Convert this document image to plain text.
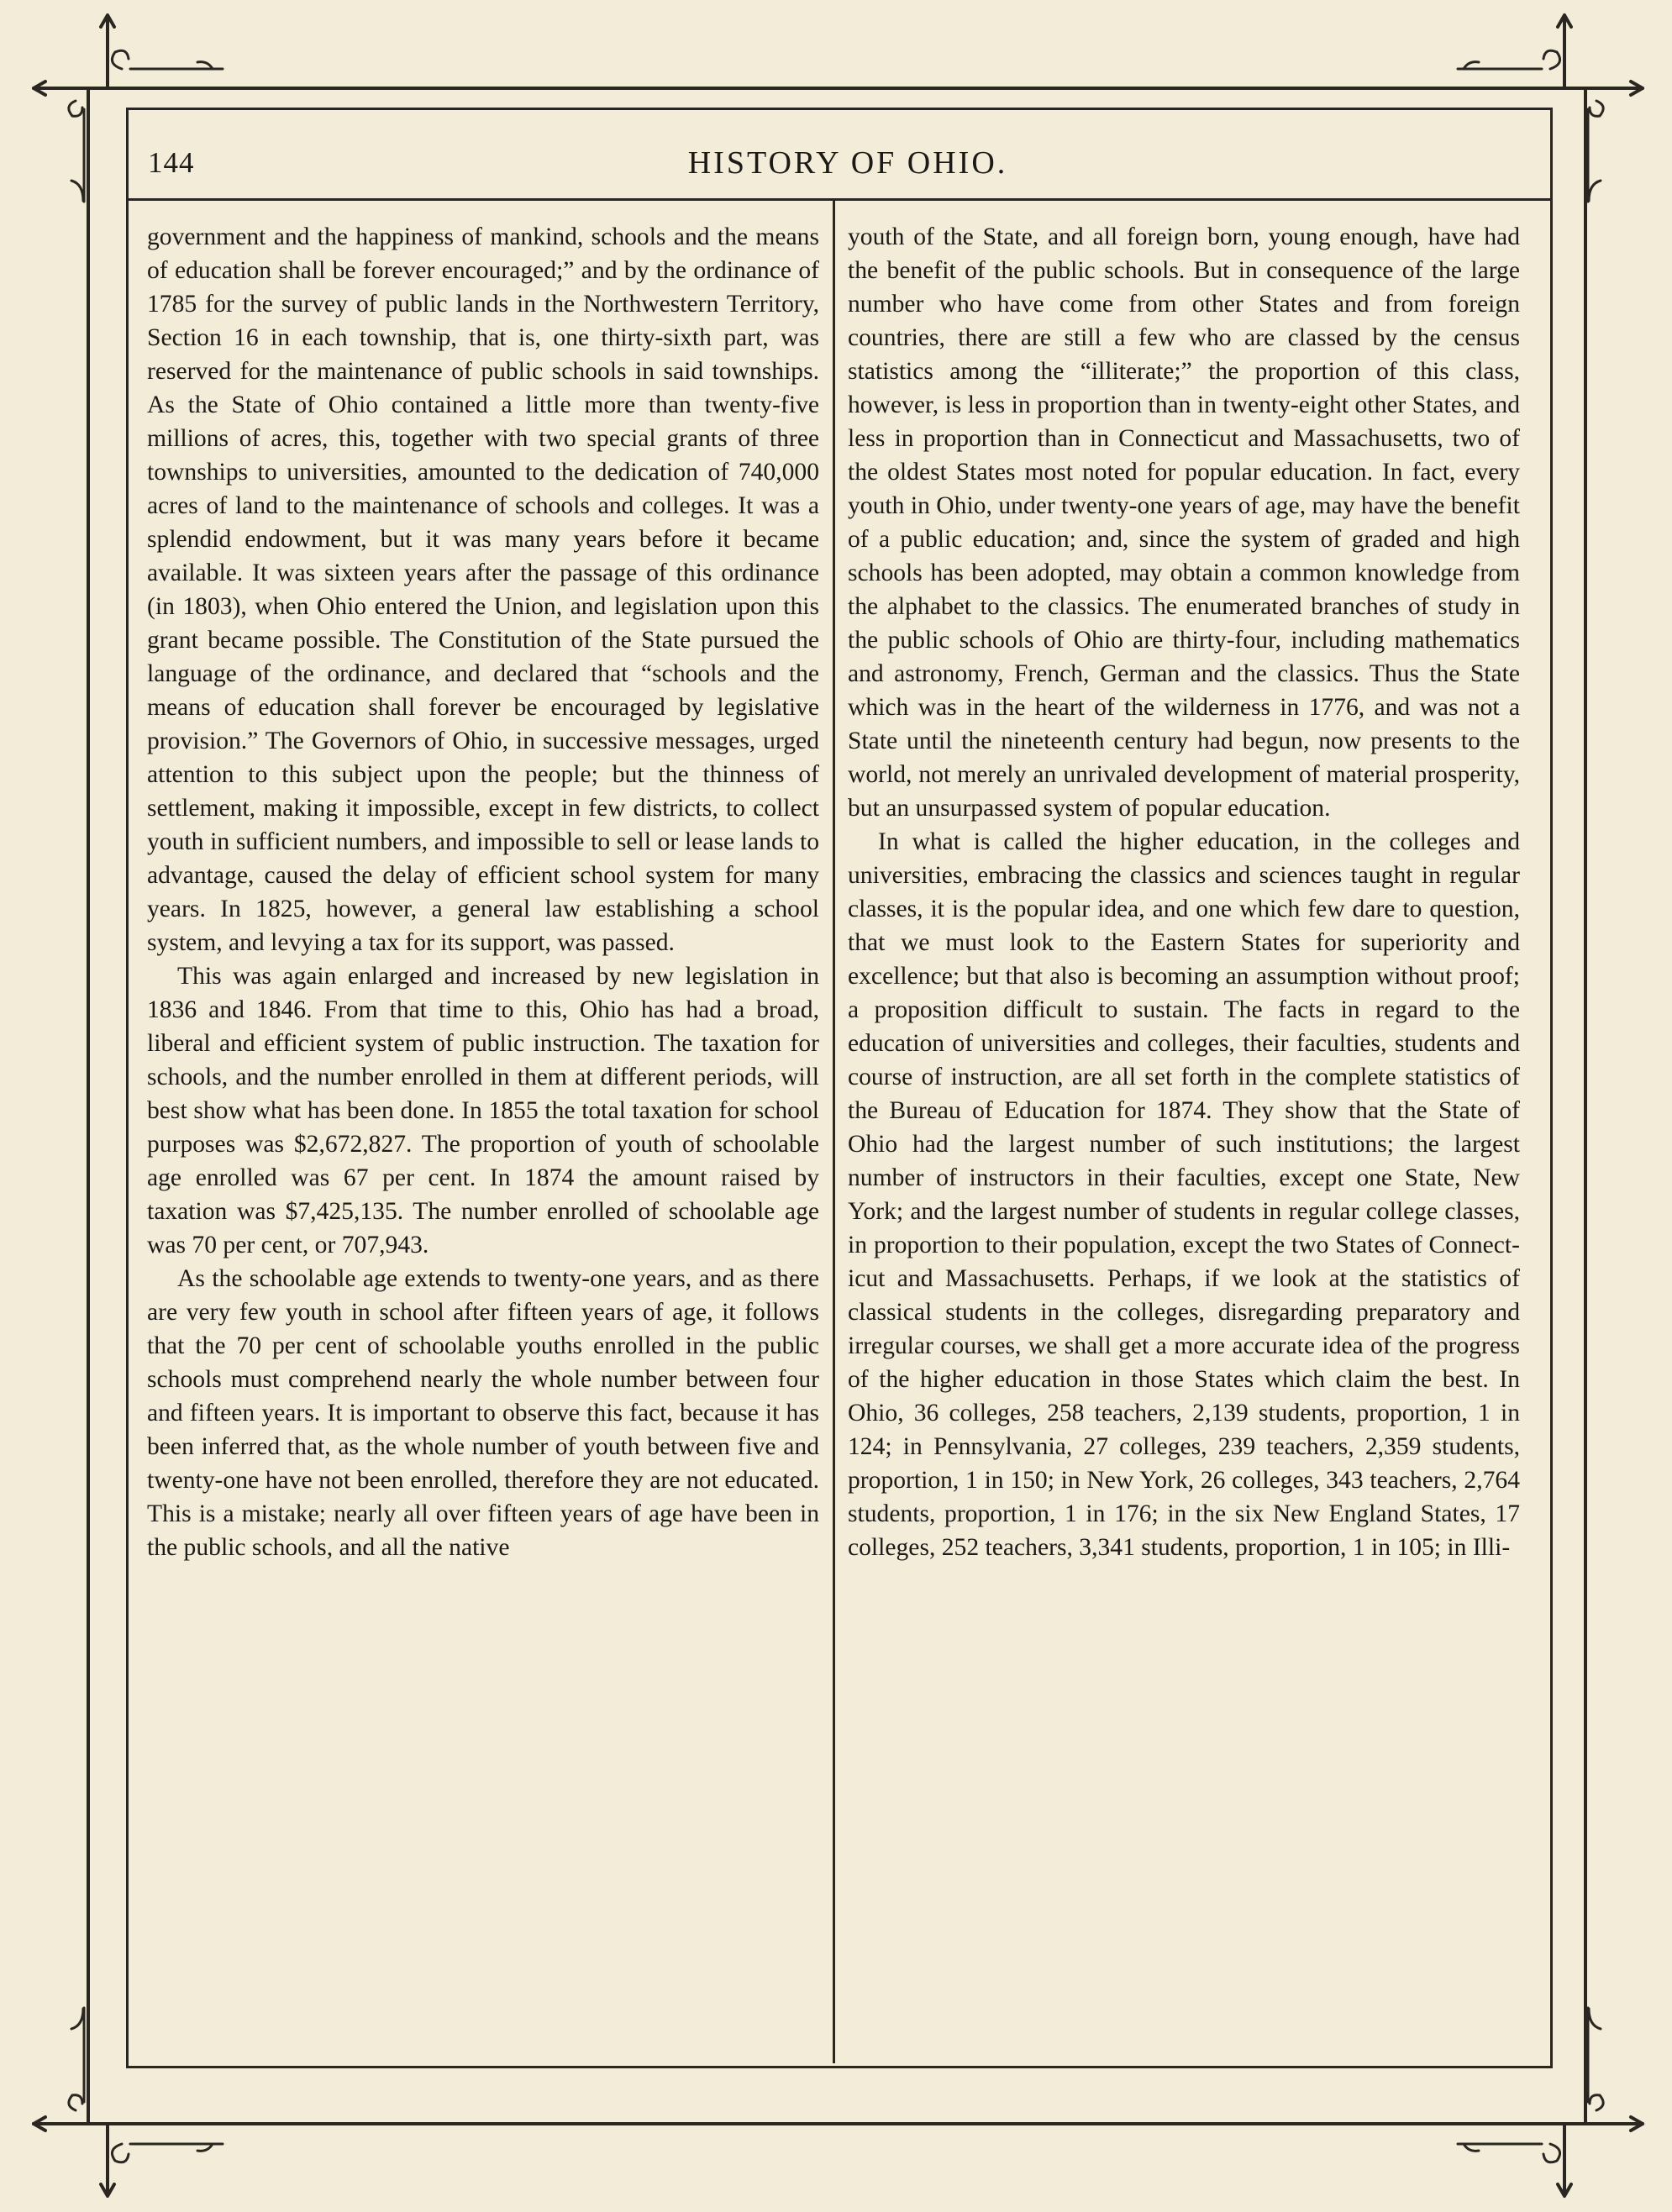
144	HISTORY OF OHIO.

government and the happiness of mankind, schools and the means of education shall be forever encouraged;” and by the ordinance of 1785 for the survey of public lands in the Northwestern Territory, Section 16 in each township, that is, one thirty-sixth part, was reserved for the maintenance of public schools in said townships. As the State of Ohio contained a little more than twenty-five millions of acres, this, together with two special grants of three townships to universities, amounted to the dedication of 740,000 acres of land to the maintenance of schools and colleges. It was a splendid endowment, but it was many years before it became available. It was sixteen years after the passage of this ordinance (in 1803), when Ohio entered the Union, and legislation upon this grant became possible. The Constitution of the State pursued the language of the ordinance, and declared that “schools and the means of education shall forever be encouraged by legislative provision.” The Governors of Ohio, in successive messages, urged attention to this subject upon the people; but the thinness of settlement, making it impossible, except in few districts, to collect youth in sufficient numbers, and impossible to sell or lease lands to advantage, caused the delay of efficient school system for many years. In 1825, however, a general law establishing a school system, and levying a tax for its support, was passed.

This was again enlarged and increased by new legislation in 1836 and 1846. From that time to this, Ohio has had a broad, liberal and efficient system of public instruction. The taxation for schools, and the number enrolled in them at different periods, will best show what has been done. In 1855 the total taxation for school purposes was $2,672,827. The proportion of youth of schoolable age enrolled was 67 per cent. In 1874 the amount raised by taxation was $7,425,135. The number enrolled of schoolable age was 70 per cent, or 707,943.

As the schoolable age extends to twenty-one years, and as there are very few youth in school after fifteen years of age, it follows that the 70 per cent of schoolable youths enrolled in the public schools must comprehend nearly the whole number between four and fifteen years. It is important to observe this fact, because it has been inferred that, as the whole number of youth between five and twenty-one have not been enrolled, therefore they are not educated. This is a mistake; nearly all over fifteen years of age have been in the public schools, and all the native

youth of the State, and all foreign born, young enough, have had the benefit of the public schools. But in consequence of the large number who have come from other States and from foreign countries, there are still a few who are classed by the census statistics among the “illiterate;” the proportion of this class, however, is less in proportion than in twenty-eight other States, and less in proportion than in Connecticut and Massachusetts, two of the oldest States most noted for popular education. In fact, every youth in Ohio, under twenty-one years of age, may have the benefit of a public education; and, since the system of graded and high schools has been adopted, may obtain a common knowledge from the alphabet to the classics. The enumerated branches of study in the public schools of Ohio are thirty-four, including mathematics and astronomy, French, German and the classics. Thus the State which was in the heart of the wilderness in 1776, and was not a State until the nineteenth century had begun, now presents to the world, not merely an unrivaled development of material prosperity, but an unsurpassed system of popular education.

In what is called the higher education, in the colleges and universities, embracing the classics and sciences taught in regular classes, it is the popular idea, and one which few dare to question, that we must look to the Eastern States for superiority and excellence; but that also is becoming an assumption without proof; a proposition difficult to sustain. The facts in regard to the education of universities and colleges, their faculties, students and course of instruction, are all set forth in the complete statistics of the Bureau of Education for 1874. They show that the State of Ohio had the largest number of such institutions; the largest number of instructors in their faculties, except one State, New York; and the largest number of students in regular college classes, in proportion to their population, except the two States of Connecticut and Massachusetts. Perhaps, if we look at the statistics of classical students in the colleges, disregarding preparatory and irregular courses, we shall get a more accurate idea of the progress of the higher education in those States which claim the best. In Ohio, 36 colleges, 258 teachers, 2,139 students, proportion, 1 in 124; in Pennsylvania, 27 colleges, 239 teachers, 2,359 students, proportion, 1 in 150; in New York, 26 colleges, 343 teachers, 2,764 students, proportion, 1 in 176; in the six New England States, 17 colleges, 252 teachers, 3,341 students, proportion, 1 in 105; in Illi-
